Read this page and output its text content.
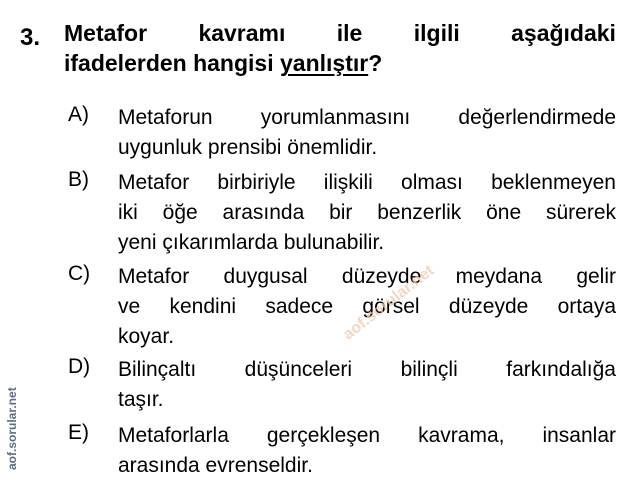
3. Metafor kavramı ile ilgili aşağıdaki
ifadelerden hangisi yanlıştır?
A) Metaforun yorumlanmasını değerlendirmede
uygunluk prensibi önemlidir.
B) Metafor birbiriyle ilişkili olması beklenmeyen
iki öğe arasında bir benzerlik öne sürerek
yeni çıkarımlarda bulunabilir.
C) Metafor duygusal düzeyde meydana gelir
ve kendini sadece görsel düzeyde ortaya
koyar.
D) Bilinçaltı düşünceleri bilinçli farkındalığa
taşır.
E) Metaforlarla gerçekleşen kavrama, insanlar
arasında evrenseldir.
aof.sorular.net
aof.sorular.net
